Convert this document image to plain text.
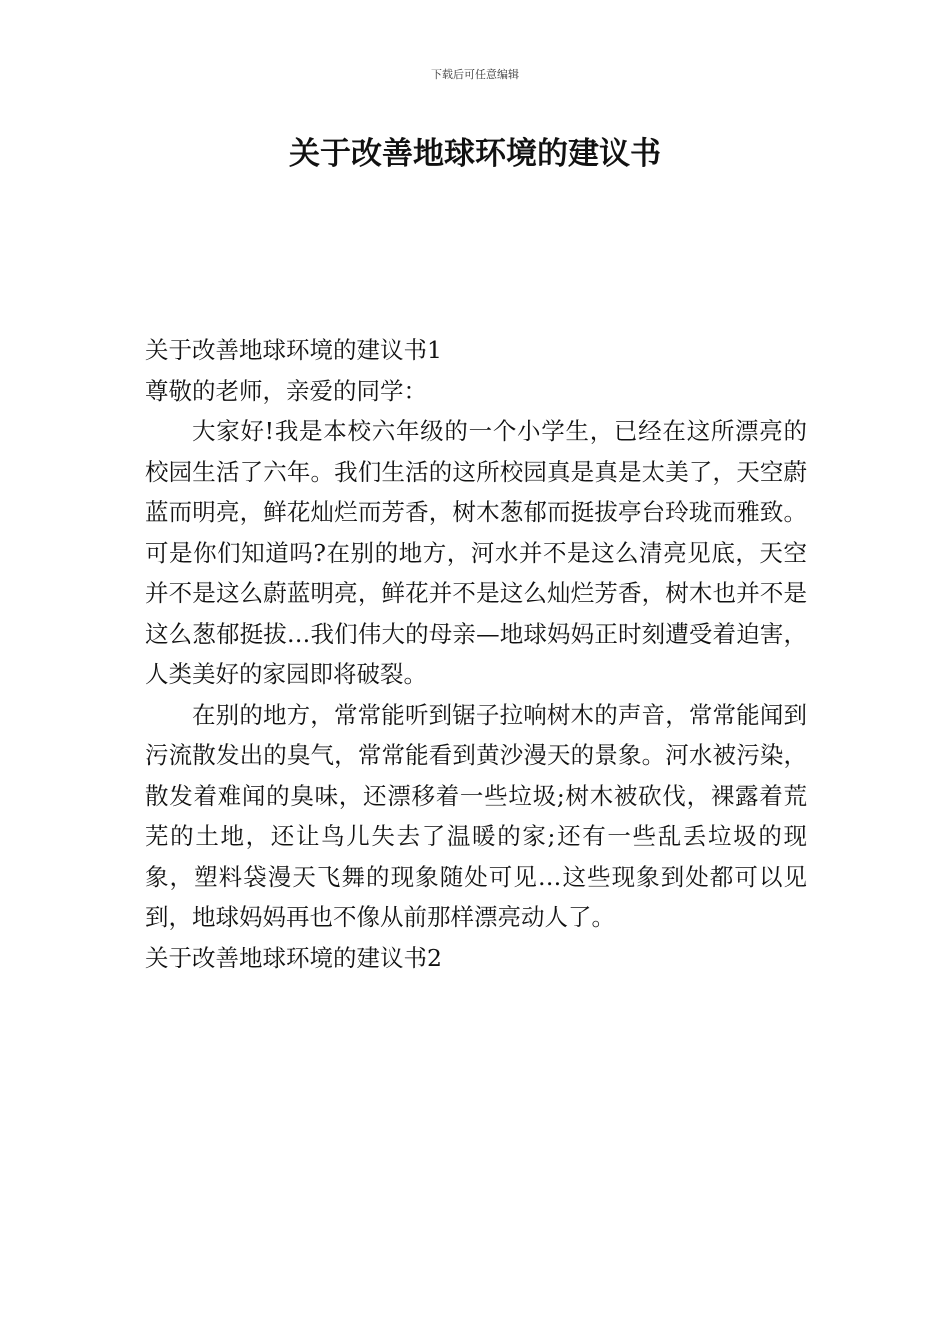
下载后可任意编辑
关于改善地球环境的建议书

关于改善地球环境的建议书1

尊敬的老师，亲爱的同学：

大家好!我是本校六年级的一个小学生，已经在这所漂亮的校园生活了六年。我们生活的这所校园真是真是太美了，天空蔚蓝而明亮，鲜花灿烂而芳香，树木葱郁而挺拔亭台玲珑而雅致。可是你们知道吗?在别的地方，河水并不是这么清亮见底，天空并不是这么蔚蓝明亮，鲜花并不是这么灿烂芳香，树木也并不是这么葱郁挺拔…我们伟大的母亲—地球妈妈正时刻遭受着迫害，人类美好的家园即将破裂。

在别的地方，常常能听到锯子拉响树木的声音，常常能闻到污流散发出的臭气，常常能看到黄沙漫天的景象。河水被污染，散发着难闻的臭味，还漂移着一些垃圾;树木被砍伐，裸露着荒芜的土地，还让鸟儿失去了温暖的家;还有一些乱丢垃圾的现象，塑料袋漫天飞舞的现象随处可见…这些现象到处都可以见到，地球妈妈再也不像从前那样漂亮动人了。

关于改善地球环境的建议书2
